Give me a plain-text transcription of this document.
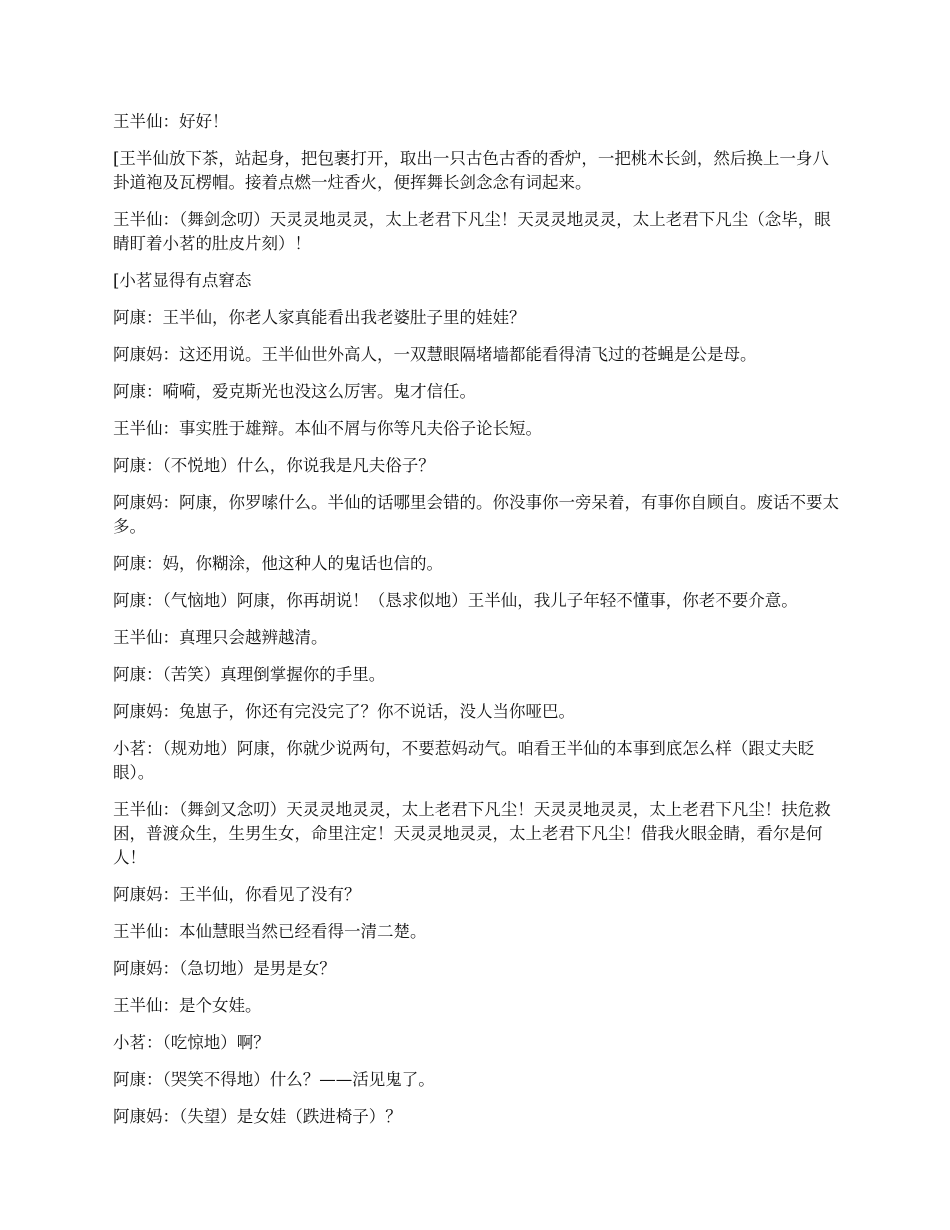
王半仙：好好！

[王半仙放下茶，站起身，把包裹打开，取出一只古色古香的香炉，一把桃木长剑，然后换上一身八卦道袍及瓦楞帽。接着点燃一炷香火，便挥舞长剑念念有词起来。

王半仙：（舞剑念叨）天灵灵地灵灵，太上老君下凡尘！天灵灵地灵灵，太上老君下凡尘（念毕，眼睛盯着小茗的肚皮片刻）！

[小茗显得有点窘态

阿康：王半仙，你老人家真能看出我老婆肚子里的娃娃？

阿康妈：这还用说。王半仙世外高人，一双慧眼隔堵墙都能看得清飞过的苍蝇是公是母。

阿康：嗬嗬，爱克斯光也没这么厉害。鬼才信任。

王半仙：事实胜于雄辩。本仙不屑与你等凡夫俗子论长短。

阿康：（不悦地）什么，你说我是凡夫俗子？

阿康妈：阿康，你罗嗦什么。半仙的话哪里会错的。你没事你一旁呆着，有事你自顾自。废话不要太多。

阿康：妈，你糊涂，他这种人的鬼话也信的。

阿康：（气恼地）阿康，你再胡说！（恳求似地）王半仙，我儿子年轻不懂事，你老不要介意。

王半仙：真理只会越辨越清。

阿康：（苦笑）真理倒掌握你的手里。

阿康妈：兔崽子，你还有完没完了？你不说话，没人当你哑巴。

小茗：（规劝地）阿康，你就少说两句，不要惹妈动气。咱看王半仙的本事到底怎么样（跟丈夫眨眼）。

王半仙：（舞剑又念叨）天灵灵地灵灵，太上老君下凡尘！天灵灵地灵灵，太上老君下凡尘！扶危救困，普渡众生，生男生女，命里注定！天灵灵地灵灵，太上老君下凡尘！借我火眼金睛，看尔是何人！

阿康妈：王半仙，你看见了没有？

王半仙：本仙慧眼当然已经看得一清二楚。

阿康妈：（急切地）是男是女？

王半仙：是个女娃。

小茗：（吃惊地）啊？

阿康：（哭笑不得地）什么？——活见鬼了。

阿康妈：（失望）是女娃（跌进椅子）？
